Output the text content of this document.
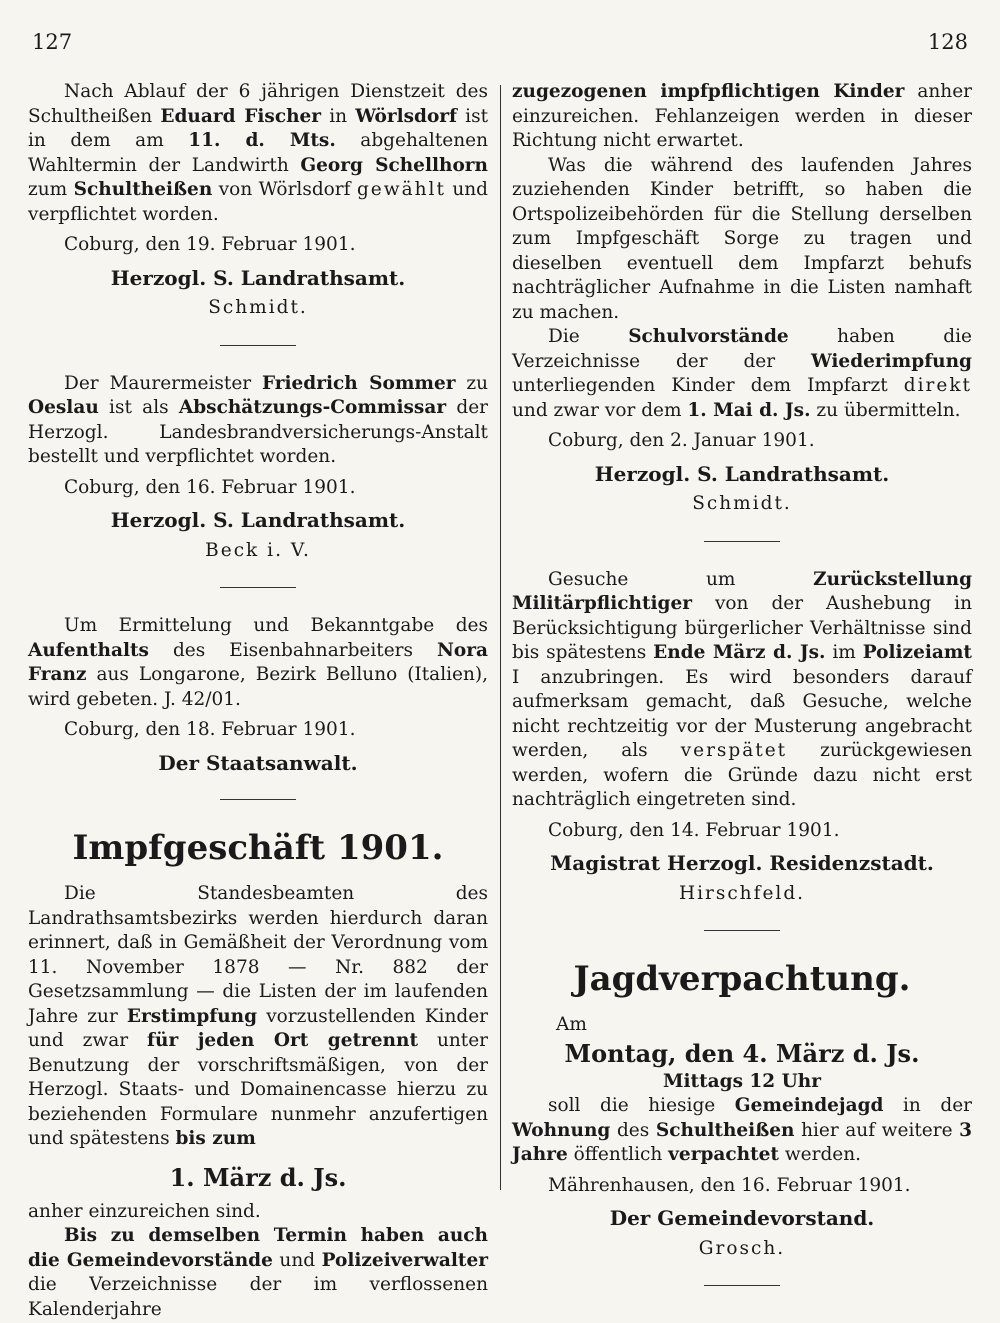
127	128

Nach Ablauf der 6 jährigen Dienstzeit des Schultheißen Eduard Fischer in Wörlsdorf ist in dem am 11. d. Mts. abgehaltenen Wahltermin der Landwirth Georg Schellhorn zum Schultheißen von Wörlsdorf gewählt und verpflichtet worden.

Coburg, den 19. Februar 1901.

Herzogl. S. Landrathsamt.

Schmidt.

Der Maurermeister Friedrich Sommer zu Oeslau ist als Abschätzungs-Commissar der Herzogl. Landesbrandversicherungs-Anstalt bestellt und verpflichtet worden.

Coburg, den 16. Februar 1901.

Herzogl. S. Landrathsamt.

Beck i. V.

Um Ermittelung und Bekanntgabe des Aufenthalts des Eisenbahnarbeiters Nora Franz aus Longarone, Bezirk Belluno (Italien), wird gebeten. J. 42/01.

Coburg, den 18. Februar 1901.

Der Staatsanwalt.

Impfgeschäft 1901.

Die Standesbeamten des Landrathsamtsbezirks werden hierdurch daran erinnert, daß in Gemäßheit der Verordnung vom 11. November 1878 — Nr. 882 der Gesetzsammlung — die Listen der im laufenden Jahre zur Erstimpfung vorzustellenden Kinder und zwar für jeden Ort getrennt unter Benutzung der vorschriftsmäßigen, von der Herzogl. Staats- und Domainencasse hierzu zu beziehenden Formulare nunmehr anzufertigen und spätestens bis zum

1. März d. Js.

anher einzureichen sind.

Bis zu demselben Termin haben auch die Gemeindevorstände und Polizeiverwalter die Verzeichnisse der im verflossenen Kalenderjahre

zugezogenen impfpflichtigen Kinder anher einzureichen. Fehlanzeigen werden in dieser Richtung nicht erwartet.

Was die während des laufenden Jahres zuziehenden Kinder betrifft, so haben die Ortspolizeibehörden für die Stellung derselben zum Impfgeschäft Sorge zu tragen und dieselben eventuell dem Impfarzt behufs nachträglicher Aufnahme in die Listen namhaft zu machen.

Die Schulvorstände haben die Verzeichnisse der der Wiederimpfung unterliegenden Kinder dem Impfarzt direkt und zwar vor dem 1. Mai d. Js. zu übermitteln.

Coburg, den 2. Januar 1901.

Herzogl. S. Landrathsamt.

Schmidt.

Gesuche um Zurückstellung Militärpflichtiger von der Aushebung in Berücksichtigung bürgerlicher Verhältnisse sind bis spätestens Ende März d. Js. im Polizeiamt I anzubringen. Es wird besonders darauf aufmerksam gemacht, daß Gesuche, welche nicht rechtzeitig vor der Musterung angebracht werden, als verspätet zurückgewiesen werden, wofern die Gründe dazu nicht erst nachträglich eingetreten sind.

Coburg, den 14. Februar 1901.

Magistrat Herzogl. Residenzstadt.

Hirschfeld.

Jagdverpachtung.

Am

Montag, den 4. März d. Js.

Mittags 12 Uhr

soll die hiesige Gemeindejagd in der Wohnung des Schultheißen hier auf weitere 3 Jahre öffentlich verpachtet werden.

Mährenhausen, den 16. Februar 1901.

Der Gemeindevorstand.

Grosch.
